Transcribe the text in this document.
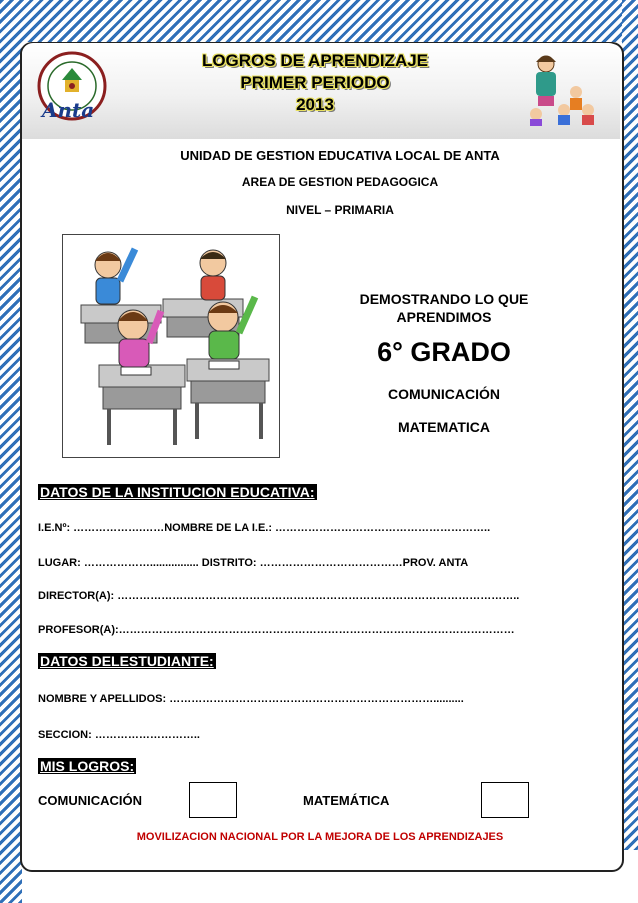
Anta
LOGROS DE APRENDIZAJE
PRIMER PERIODO
2013
UNIDAD DE GESTION EDUCATIVA LOCAL DE ANTA
AREA DE GESTION PEDAGOGICA
NIVEL – PRIMARIA
DEMOSTRANDO LO QUE
APRENDIMOS
6° GRADO
COMUNICACIÓN
MATEMATICA
DATOS DE LA INSTITUCION EDUCATIVA:
I.E.Nº: ……………….……NOMBRE DE LA I.E.: …………………………………………………..
LUGAR: ………………................ DISTRITO: …………………………………PROV. ANTA
DIRECTOR(A): ………………………………………………………………………………………………..
PROFESOR(A):………………………………………………………………………………………………
DATOS DELESTUDIANTE:
NOMBRE Y APELLIDOS: ………………………………………………………………..........
SECCION: ………………………..
MIS LOGROS:
COMUNICACIÓN	MATEMÁTICA
MOVILIZACION NACIONAL POR LA MEJORA DE LOS APRENDIZAJES
